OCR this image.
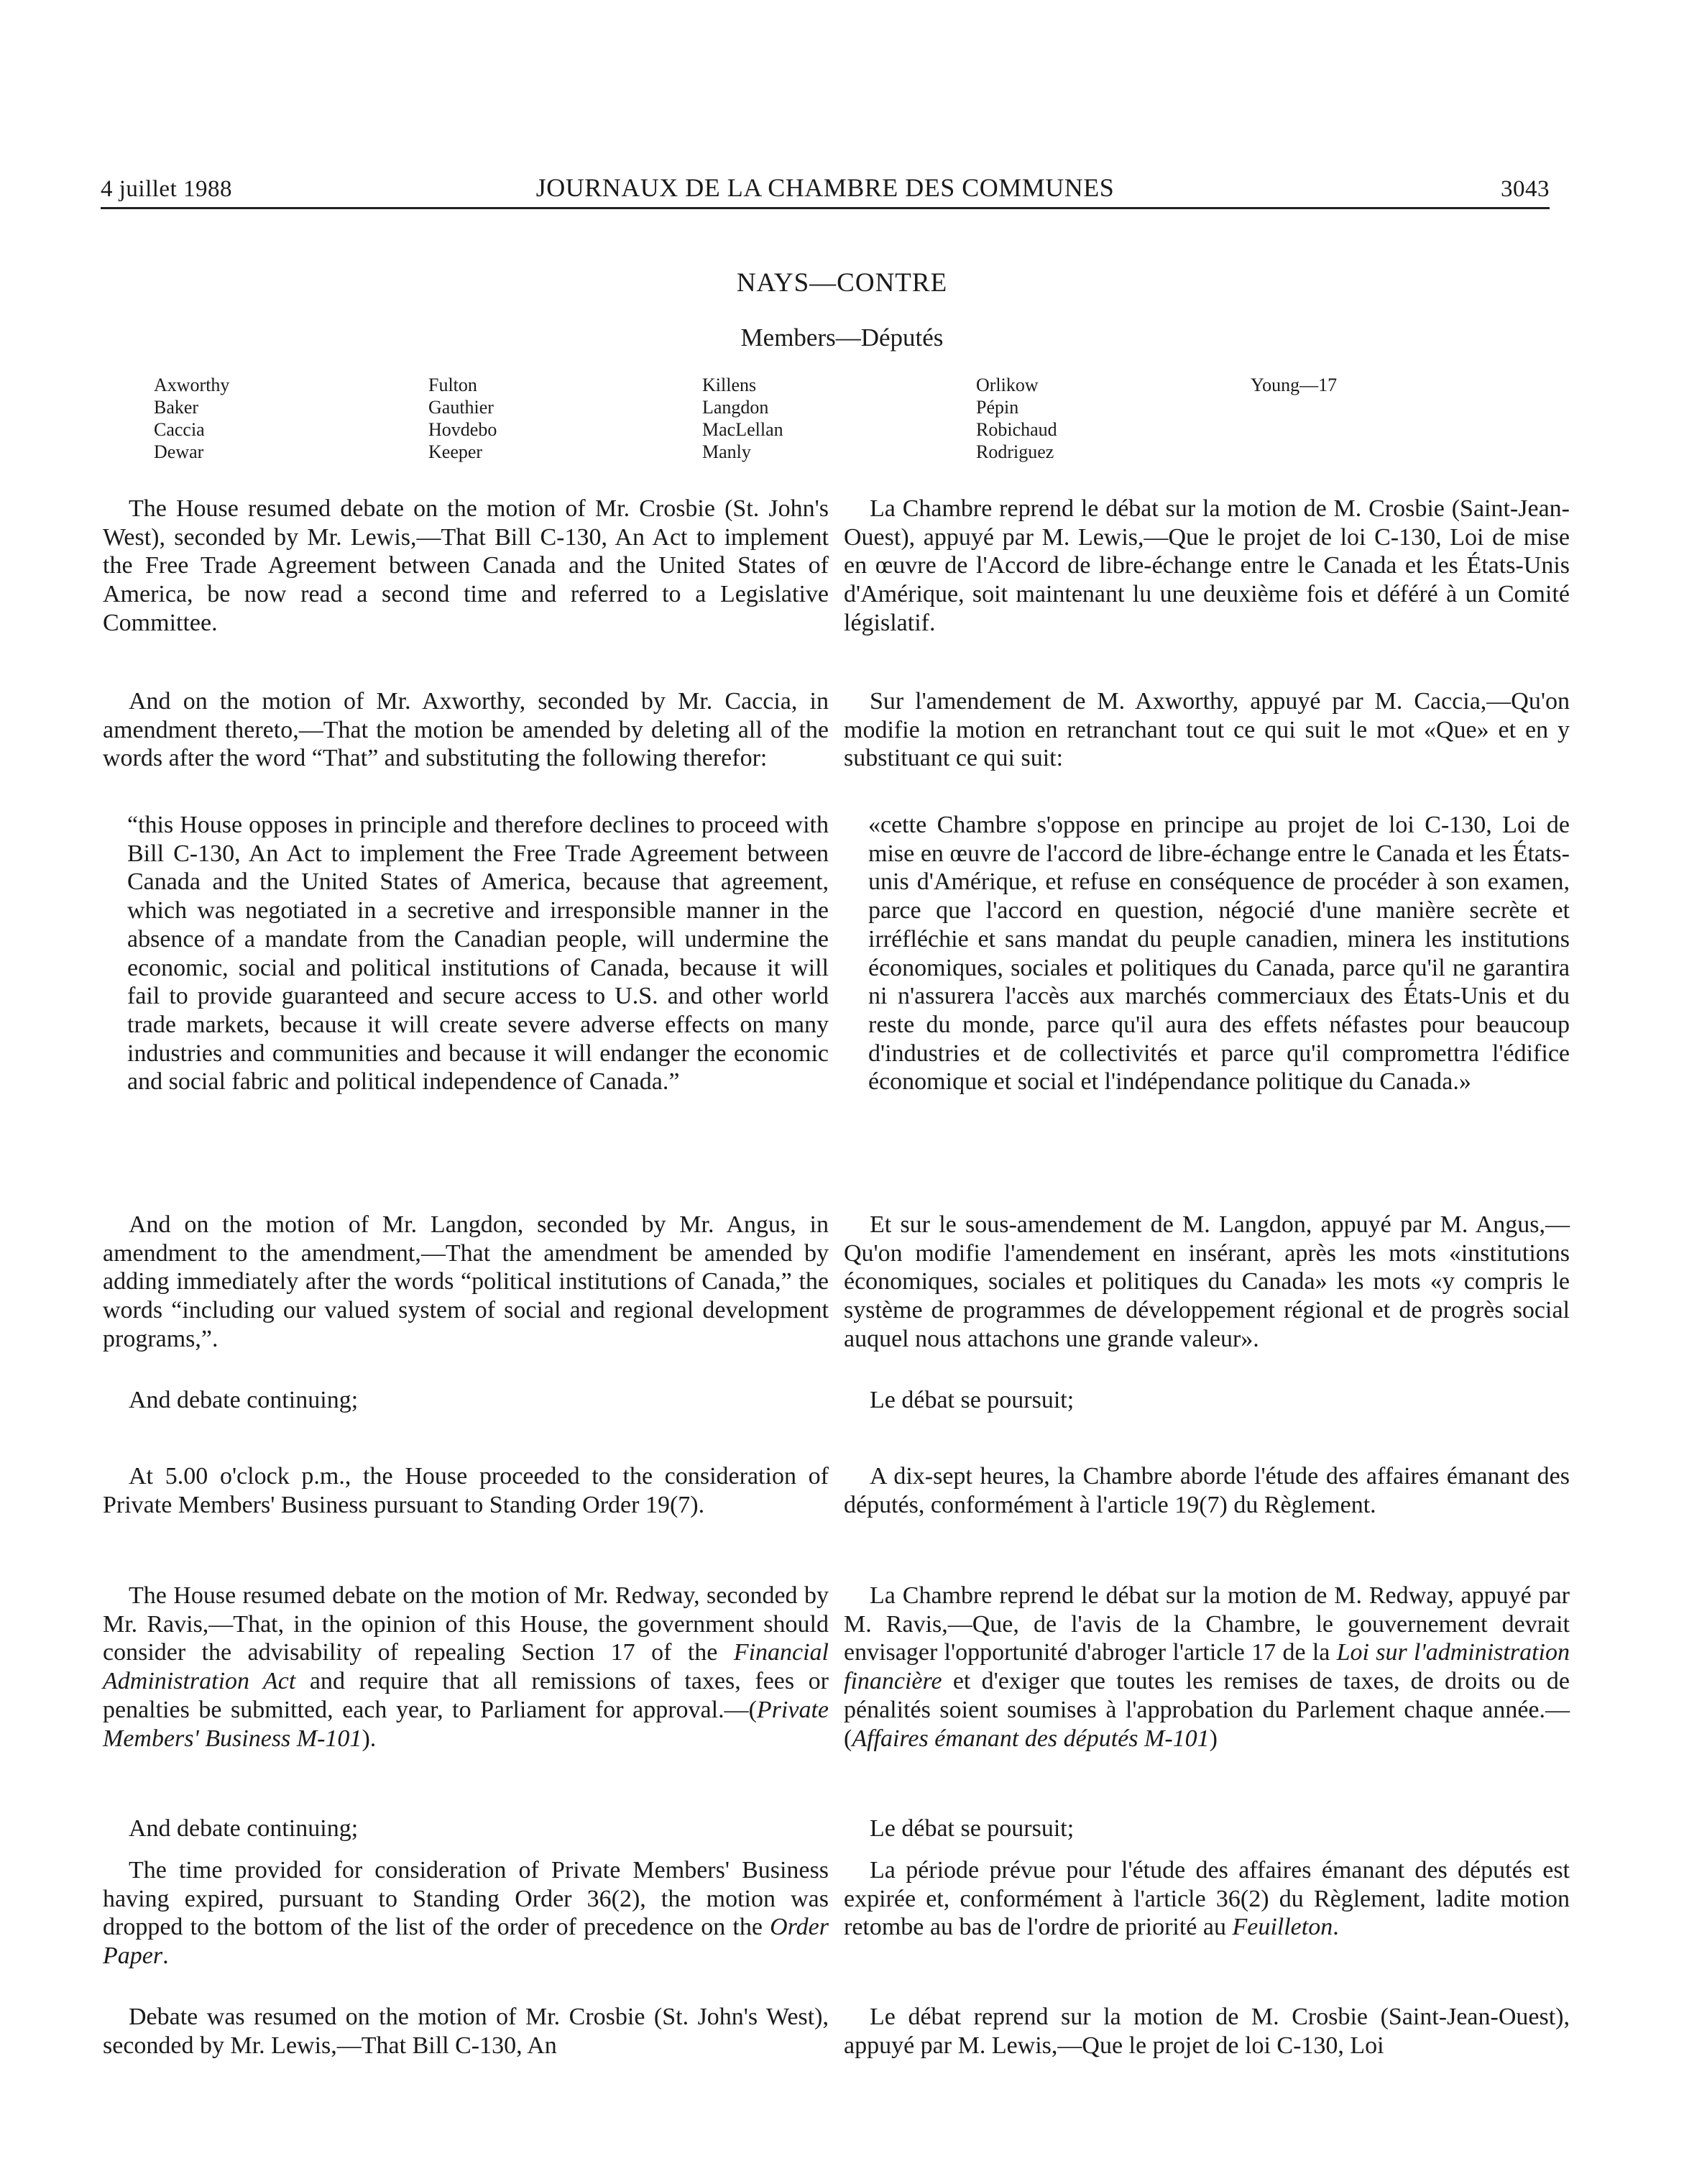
4 juillet 1988	JOURNAUX DE LA CHAMBRE DES COMMUNES	3043
NAYS—CONTRE
Members—Députés
Axworthy
Baker
Caccia
Dewar
Fulton
Gauthier
Hovdebo
Keeper
Killens
Langdon
MacLellan
Manly
Orlikow
Pépin
Robichaud
Rodriguez
Young—17

The House resumed debate on the motion of Mr. Crosbie (St. John's West), seconded by Mr. Lewis,—That Bill C-130, An Act to implement the Free Trade Agreement between Canada and the United States of America, be now read a second time and referred to a Legislative Committee.

And on the motion of Mr. Axworthy, seconded by Mr. Caccia, in amendment thereto,—That the motion be amended by deleting all of the words after the word “That” and substituting the following therefor:

“this House opposes in principle and therefore declines to proceed with Bill C-130, An Act to implement the Free Trade Agreement between Canada and the United States of America, because that agreement, which was negotiated in a secretive and irresponsible manner in the absence of a mandate from the Canadian people, will undermine the economic, social and political institutions of Canada, because it will fail to provide guaranteed and secure access to U.S. and other world trade markets, because it will create severe adverse effects on many industries and communities and because it will endanger the economic and social fabric and political independence of Canada.”

And on the motion of Mr. Langdon, seconded by Mr. Angus, in amendment to the amendment,—That the amendment be amended by adding immediately after the words “political institutions of Canada,” the words “including our valued system of social and regional development programs,”.

And debate continuing;

At 5.00 o'clock p.m., the House proceeded to the consideration of Private Members' Business pursuant to Standing Order 19(7).

The House resumed debate on the motion of Mr. Redway, seconded by Mr. Ravis,—That, in the opinion of this House, the government should consider the advisability of repealing Section 17 of the Financial Administration Act and require that all remissions of taxes, fees or penalties be submitted, each year, to Parliament for approval.—(Private Members' Business M-101).

And debate continuing;

The time provided for consideration of Private Members' Business having expired, pursuant to Standing Order 36(2), the motion was dropped to the bottom of the list of the order of precedence on the Order Paper.

Debate was resumed on the motion of Mr. Crosbie (St. John's West), seconded by Mr. Lewis,—That Bill C-130, An

La Chambre reprend le débat sur la motion de M. Crosbie (Saint-Jean-Ouest), appuyé par M. Lewis,—Que le projet de loi C-130, Loi de mise en œuvre de l'Accord de libre-échange entre le Canada et les États-Unis d'Amérique, soit maintenant lu une deuxième fois et déféré à un Comité législatif.

Sur l'amendement de M. Axworthy, appuyé par M. Caccia,—Qu'on modifie la motion en retranchant tout ce qui suit le mot «Que» et en y substituant ce qui suit:

«cette Chambre s'oppose en principe au projet de loi C-130, Loi de mise en œuvre de l'accord de libre-échange entre le Canada et les États-unis d'Amérique, et refuse en conséquence de procéder à son examen, parce que l'accord en question, négocié d'une manière secrète et irréfléchie et sans mandat du peuple canadien, minera les institutions économiques, sociales et politiques du Canada, parce qu'il ne garantira ni n'assurera l'accès aux marchés commerciaux des États-Unis et du reste du monde, parce qu'il aura des effets néfastes pour beaucoup d'industries et de collectivités et parce qu'il compromettra l'édifice économique et social et l'indépendance politique du Canada.»

Et sur le sous-amendement de M. Langdon, appuyé par M. Angus,—Qu'on modifie l'amendement en insérant, après les mots «institutions économiques, sociales et politiques du Canada» les mots «y compris le système de programmes de développement régional et de progrès social auquel nous attachons une grande valeur».

Le débat se poursuit;

A dix-sept heures, la Chambre aborde l'étude des affaires émanant des députés, conformément à l'article 19(7) du Règlement.

La Chambre reprend le débat sur la motion de M. Redway, appuyé par M. Ravis,—Que, de l'avis de la Chambre, le gouvernement devrait envisager l'opportunité d'abroger l'article 17 de la Loi sur l'administration financière et d'exiger que toutes les remises de taxes, de droits ou de pénalités soient soumises à l'approbation du Parlement chaque année.—(Affaires émanant des députés M-101)

Le débat se poursuit;

La période prévue pour l'étude des affaires émanant des députés est expirée et, conformément à l'article 36(2) du Règlement, ladite motion retombe au bas de l'ordre de priorité au Feuilleton.

Le débat reprend sur la motion de M. Crosbie (Saint-Jean-Ouest), appuyé par M. Lewis,—Que le projet de loi C-130, Loi
